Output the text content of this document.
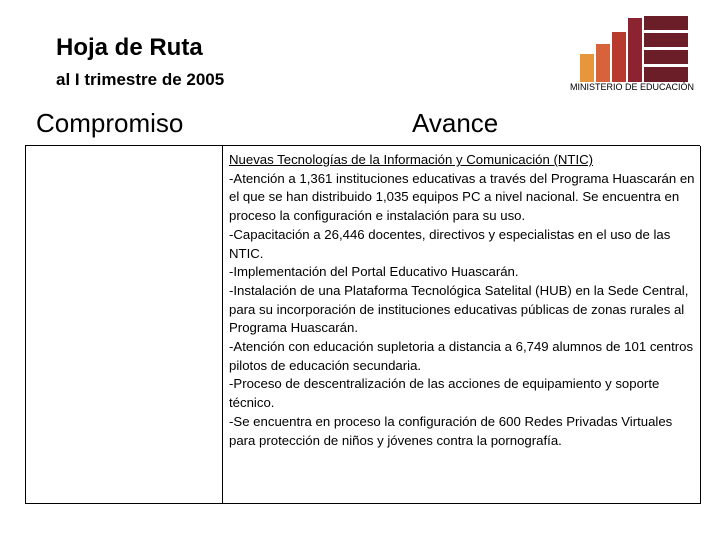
Hoja de Ruta
al I trimestre de 2005	MINISTERIO DE EDUCACIÓN
Compromiso	Avance

Nuevas Tecnologías de la Información y Comunicación (NTIC)

-Atención a 1,361 instituciones educativas a través del Programa Huascarán en el que se han distribuido 1,035 equipos PC a nivel nacional. Se encuentra en proceso la configuración e instalación para su uso.

-Capacitación a 26,446 docentes, directivos y especialistas en el uso de las NTIC.

-Implementación del Portal Educativo Huascarán.

-Instalación de una Plataforma Tecnológica Satelital (HUB) en la Sede Central, para su incorporación de instituciones educativas públicas de zonas rurales al Programa Huascarán.

-Atención con educación supletoria a distancia a 6,749 alumnos de 101 centros pilotos de educación secundaria.

-Proceso de descentralización de las acciones de equipamiento y soporte técnico.

-Se encuentra en proceso la configuración de 600 Redes Privadas Virtuales para protección de niños y jóvenes contra la pornografía.
